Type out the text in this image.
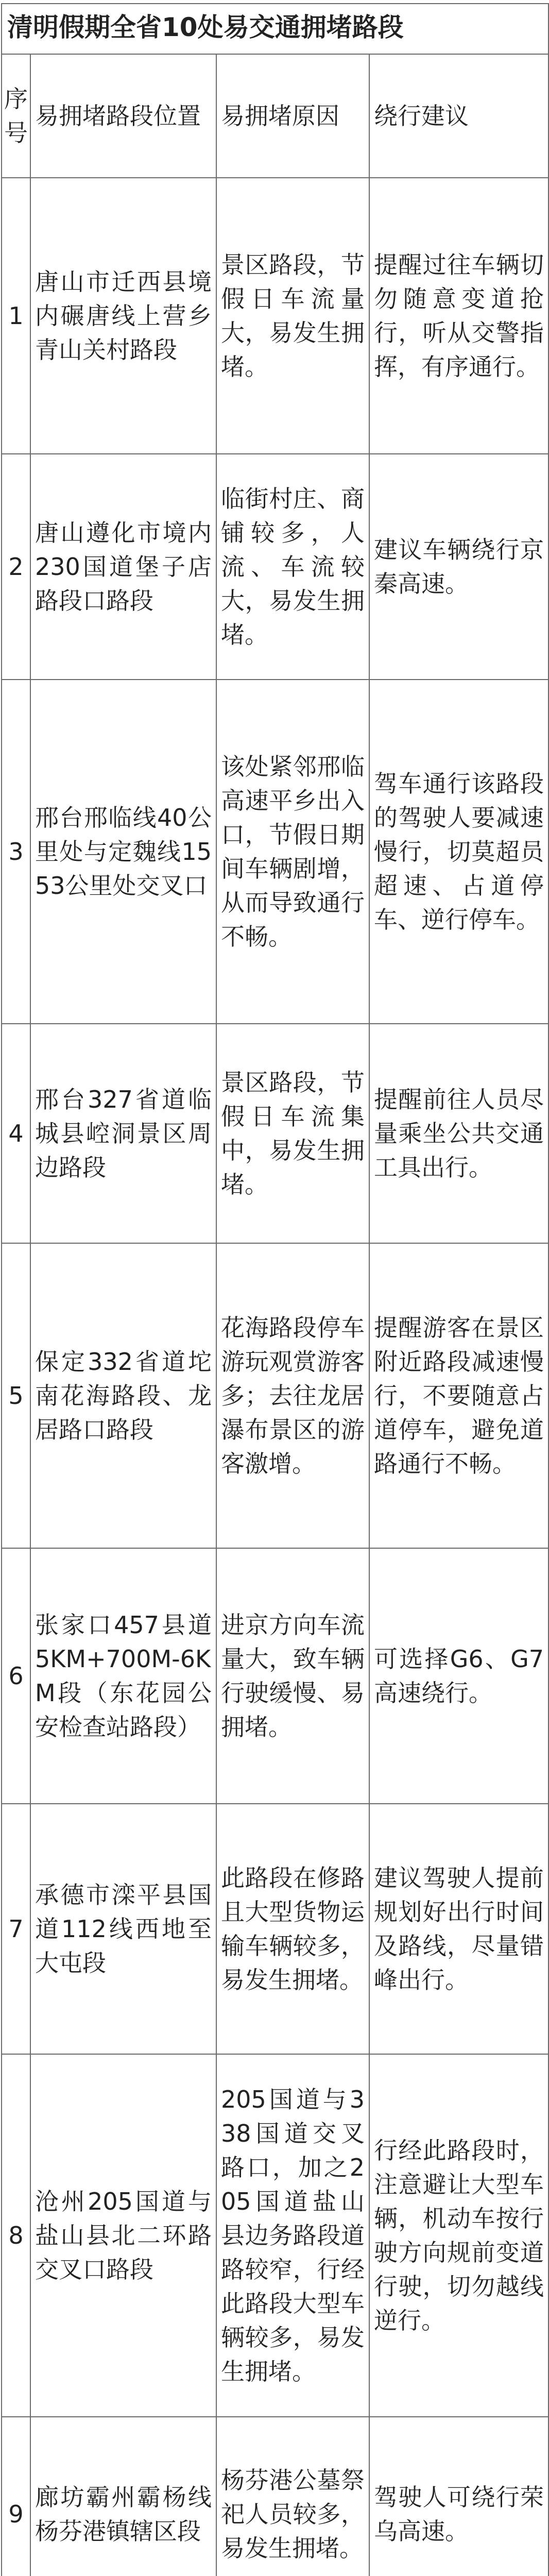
清明假期全省10处易交通拥堵路段			
序号	易拥堵路段位置	易拥堵原因	绕行建议
1	唐山市迁西县境内碾唐线上营乡青山关村路段	景区路段，节假日车流量大，易发生拥堵。	提醒过往车辆切勿随意变道抢行，听从交警指挥，有序通行。
2	唐山遵化市境内230国道堡子店路段口路段	临街村庄、商铺较多，人流、车流较大，易发生拥堵。	建议车辆绕行京秦高速。
3	邢台邢临线40公里处与定魏线1553公里处交叉口	该处紧邻邢临高速平乡出入口，节假日期间车辆剧增，从而导致通行不畅。	驾车通行该路段的驾驶人要减速慢行，切莫超员超速、占道停车、逆行停车。
4	邢台327省道临城县崆洞景区周边路段	景区路段，节假日车流集中，易发生拥堵。	提醒前往人员尽量乘坐公共交通工具出行。
5	保定332省道坨南花海路段、龙居路口路段	花海路段停车游玩观赏游客多；去往龙居瀑布景区的游客激增。	提醒游客在景区附近路段减速慢行，不要随意占道停车，避免道路通行不畅。
6	张家口457县道5KM+700M-6KM段（东花园公安检查站路段）	进京方向车流量大，致车辆行驶缓慢、易拥堵。	可选择G6、G7高速绕行。
7	承德市滦平县国道112线西地至大屯段	此路段在修路且大型货物运输车辆较多，易发生拥堵。	建议驾驶人提前规划好出行时间及路线，尽量错峰出行。
8	沧州205国道与盐山县北二环路交叉口路段	205国道与338国道交叉路口，加之205国道盐山县边务路段道路较窄，行经此路段大型车辆较多，易发生拥堵。	行经此路段时，注意避让大型车辆，机动车按行驶方向规前变道行驶，切勿越线逆行。
9	廊坊霸州霸杨线杨芬港镇辖区段	杨芬港公墓祭祀人员较多，易发生拥堵。	驾驶人可绕行荣乌高速。
